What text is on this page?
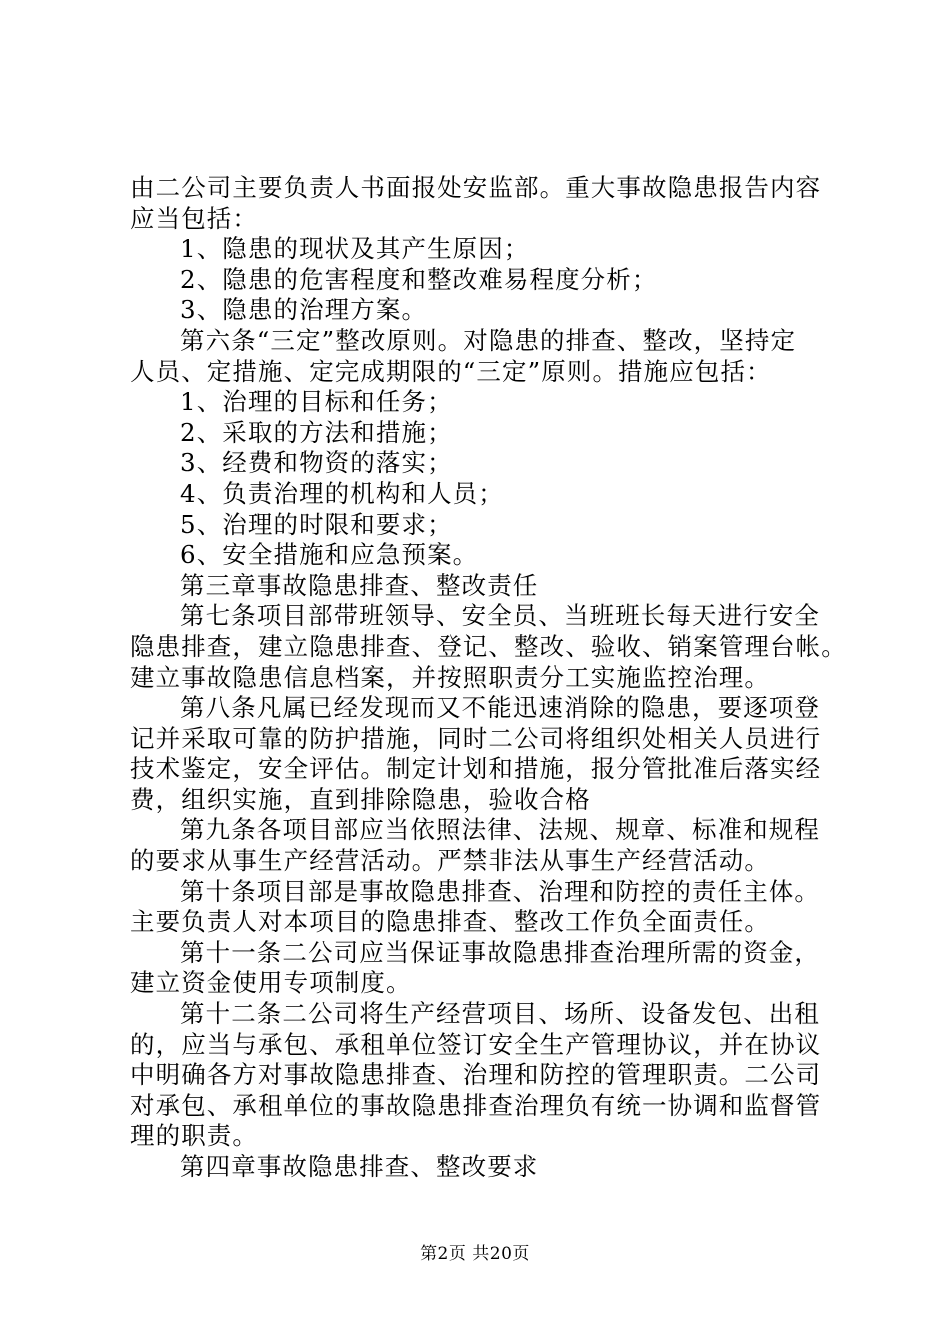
由二公司主要负责人书面报处安监部。重大事故隐患报告内容
应当包括：
1、隐患的现状及其产生原因；
2、隐患的危害程度和整改难易程度分析；
3、隐患的治理方案。
第六条“三定”整改原则。对隐患的排查、整改，坚持定
人员、定措施、定完成期限的“三定”原则。措施应包括：
1、治理的目标和任务；
2、采取的方法和措施；
3、经费和物资的落实；
4、负责治理的机构和人员；
5、治理的时限和要求；
6、安全措施和应急预案。
第三章事故隐患排查、整改责任
第七条项目部带班领导、安全员、当班班长每天进行安全
隐患排查，建立隐患排查、登记、整改、验收、销案管理台帐。
建立事故隐患信息档案，并按照职责分工实施监控治理。
第八条凡属已经发现而又不能迅速消除的隐患，要逐项登
记并采取可靠的防护措施，同时二公司将组织处相关人员进行
技术鉴定，安全评估。制定计划和措施，报分管批准后落实经
费，组织实施，直到排除隐患，验收合格
第九条各项目部应当依照法律、法规、规章、标准和规程
的要求从事生产经营活动。严禁非法从事生产经营活动。
第十条项目部是事故隐患排查、治理和防控的责任主体。
主要负责人对本项目的隐患排查、整改工作负全面责任。
第十一条二公司应当保证事故隐患排查治理所需的资金，
建立资金使用专项制度。
第十二条二公司将生产经营项目、场所、设备发包、出租
的，应当与承包、承租单位签订安全生产管理协议，并在协议
中明确各方对事故隐患排查、治理和防控的管理职责。二公司
对承包、承租单位的事故隐患排查治理负有统一协调和监督管
理的职责。
第四章事故隐患排查、整改要求
第2页 共20页
